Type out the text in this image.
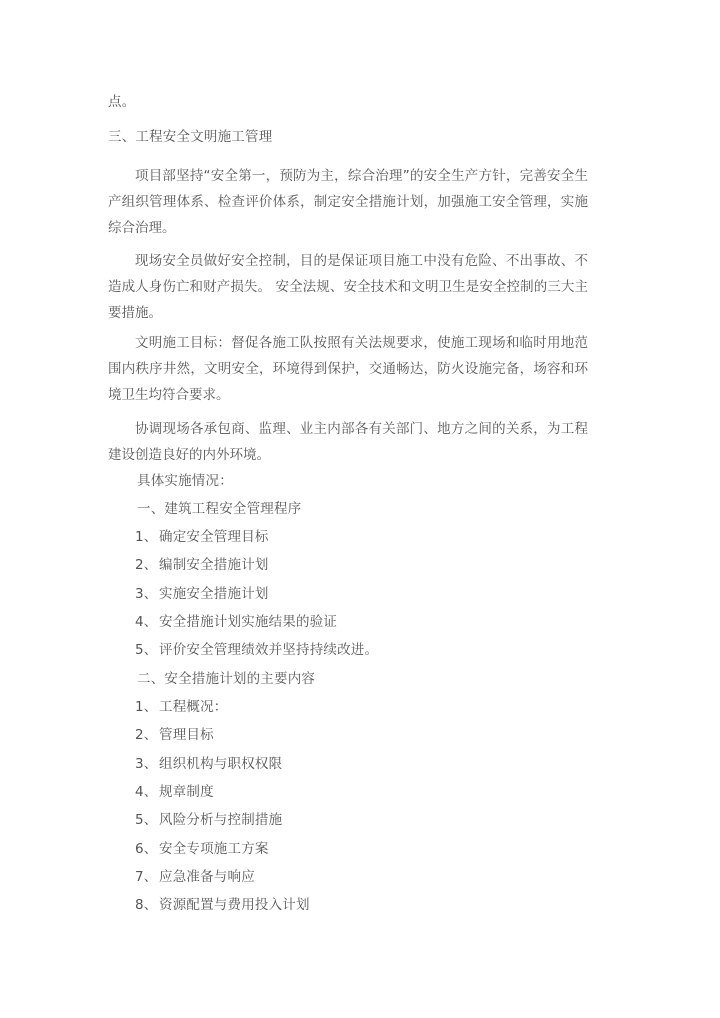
点。
三、工程安全文明施工管理
项目部坚持“安全第一，预防为主，综合治理”的安全生产方针，完善安全生产组织管理体系、检查评价体系，制定安全措施计划，加强施工安全管理，实施综合治理。
现场安全员做好安全控制，目的是保证项目施工中没有危险、不出事故、不造成人身伤亡和财产损失。 安全法规、安全技术和文明卫生是安全控制的三大主要措施。
文明施工目标：督促各施工队按照有关法规要求，使施工现场和临时用地范围内秩序井然，文明安全，环境得到保护，交通畅达，防火设施完备，场容和环境卫生均符合要求。
协调现场各承包商、监理、业主内部各有关部门、地方之间的关系，为工程建设创造良好的内外环境。
具体实施情况：
一、建筑工程安全管理程序
1、 确定安全管理目标
2、 编制安全措施计划
3、 实施安全措施计划
4、 安全措施计划实施结果的验证
5、 评价安全管理绩效并坚持持续改进。
二、安全措施计划的主要内容
1、 工程概况：
2、 管理目标
3、 组织机构与职权权限
4、 规章制度
5、 风险分析与控制措施
6、 安全专项施工方案
7、 应急准备与响应
8、 资源配置与费用投入计划
